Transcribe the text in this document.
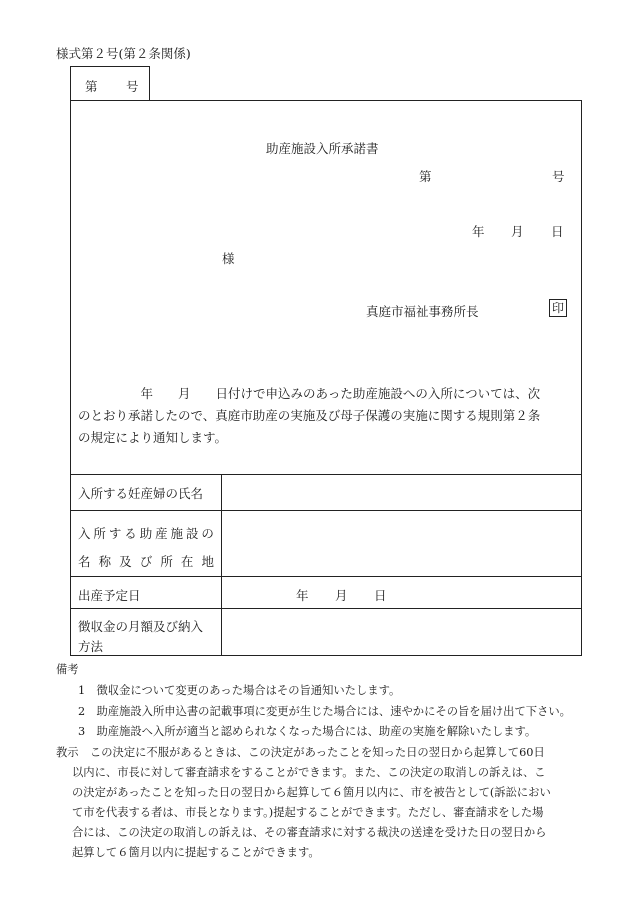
様式第２号(第２条関係)
第 号
助産施設入所承諾書
第	号
年 月 日
様
真庭市福祉事務所長	印

　　　　　年　　月　　日付けで申込みのあった助産施設への入所については、次

のとおり承諾したので、真庭市助産の実施及び母子保護の実施に関する規則第２条

の規定により通知します。

入所する妊産婦の氏名
入 所 す る 助 産 施 設 の
名 称 及 び 所 在 地
出産予定日	年 月 日
徴収金の月額及び納入
方法
備考
1　徴収金について変更のあった場合はその旨通知いたします。
2　助産施設入所申込書の記載事項に変更が生じた場合には、速やかにその旨を届け出て下さい。
3　助産施設へ入所が適当と認められなくなった場合には、助産の実施を解除いたします。
教示　 この決定に不服があるときは、この決定があったことを知った日の翌日から起算して60日
以内に、市長に対して審査請求をすることができます。また、この決定の取消しの訴えは、こ
の決定があったことを知った日の翌日から起算して６箇月以内に、市を被告として(訴訟におい
て市を代表する者は、市長となります。)提起することができます。ただし、審査請求をした場
合には、この決定の取消しの訴えは、その審査請求に対する裁決の送達を受けた日の翌日から
起算して６箇月以内に提起することができます。
